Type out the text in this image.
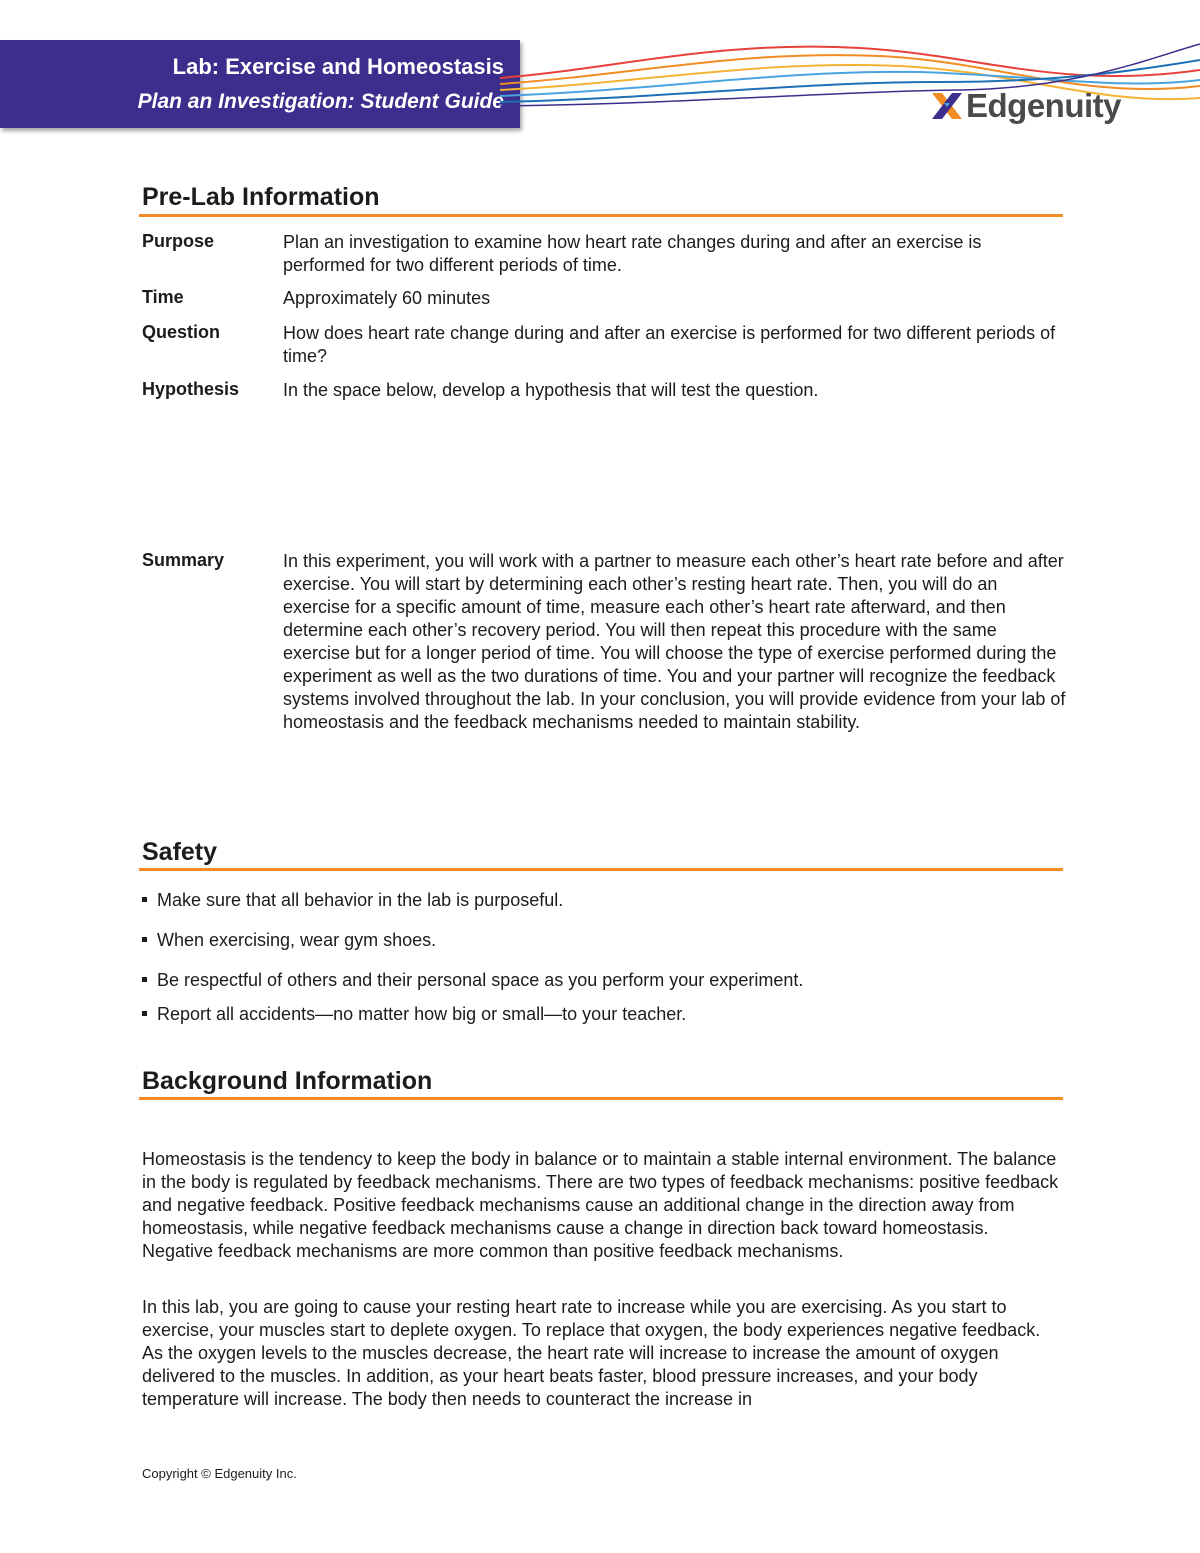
Lab: Exercise and Homeostasis
Plan an Investigation: Student Guide	Edgenuity
Pre-Lab Information
Purpose	Plan an investigation to examine how heart rate changes during and after an exercise is performed for two different periods of time.
Time	Approximately 60 minutes
Question	How does heart rate change during and after an exercise is performed for two different periods of time?
Hypothesis In the space below, develop a hypothesis that will test the question.
Summary	In this experiment, you will work with a partner to measure each other’s heart rate before and after exercise. You will start by determining each other’s resting heart rate. Then, you will do an exercise for a specific amount of time, measure each other’s heart rate afterward, and then determine each other’s recovery period. You will then repeat this procedure with the same exercise but for a longer period of time. You will choose the type of exercise performed during the experiment as well as the two durations of time. You and your partner will recognize the feedback systems involved throughout the lab. In your conclusion, you will provide evidence from your lab of homeostasis and the feedback mechanisms needed to maintain stability.
Safety
Make sure that all behavior in the lab is purposeful.
When exercising, wear gym shoes.
Be respectful of others and their personal space as you perform your experiment.
Report all accidents—no matter how big or small—to your teacher.
Background Information
Homeostasis is the tendency to keep the body in balance or to maintain a stable internal environment. The balance in the body is regulated by feedback mechanisms. There are two types of feedback mechanisms: positive feedback and negative feedback. Positive feedback mechanisms cause an additional change in the direction away from homeostasis, while negative feedback mechanisms cause a change in direction back toward homeostasis. Negative feedback mechanisms are more common than positive feedback mechanisms.
In this lab, you are going to cause your resting heart rate to increase while you are exercising. As you start to exercise, your muscles start to deplete oxygen. To replace that oxygen, the body experiences negative feedback. As the oxygen levels to the muscles decrease, the heart rate will increase to increase the amount of oxygen delivered to the muscles. In addition, as your heart beats faster, blood pressure increases, and your body temperature will increase. The body then needs to counteract the increase in
Copyright © Edgenuity Inc.
